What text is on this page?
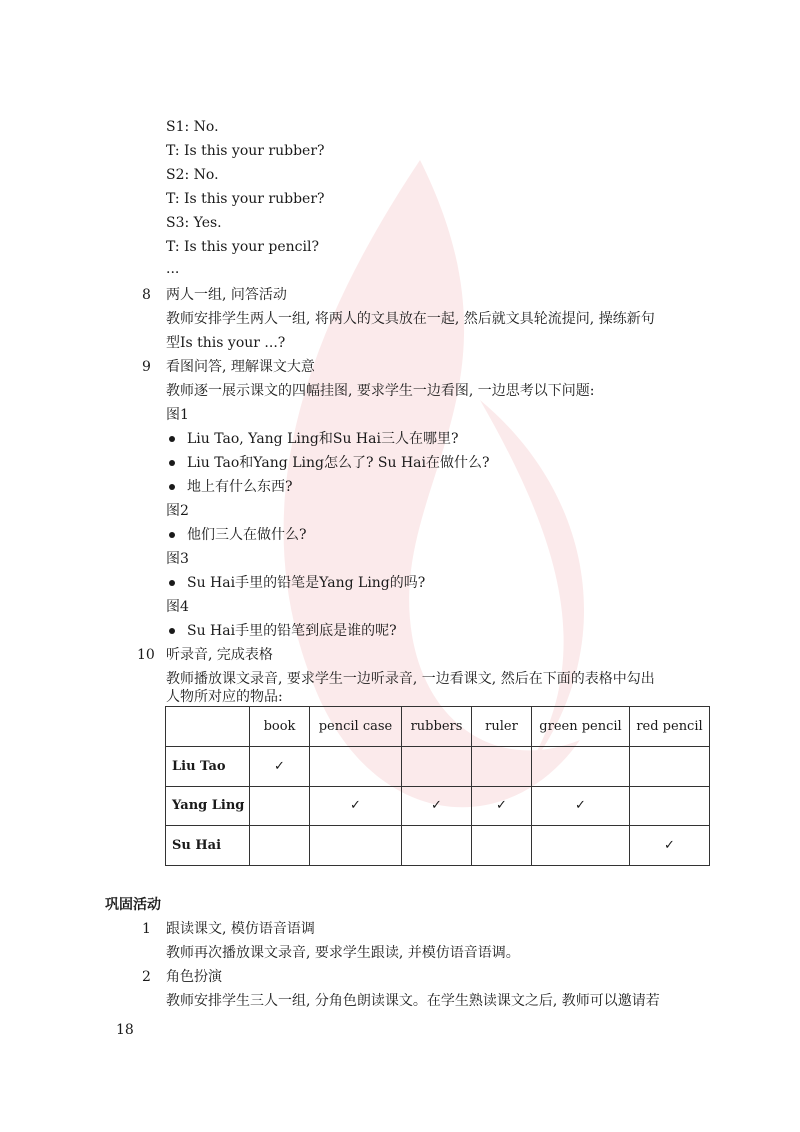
S1: No.
T: Is this your rubber?
S2: No.
T: Is this your rubber?
S3: Yes.
T: Is this your pencil?
...
8 两人一组, 问答活动
教师安排学生两人一组, 将两人的文具放在一起, 然后就文具轮流提问, 操练新句
型Is this your ...?
9 看图问答, 理解课文大意
教师逐一展示课文的四幅挂图, 要求学生一边看图, 一边思考以下问题:
图1
Liu Tao, Yang Ling和Su Hai三人在哪里?
Liu Tao和Yang Ling怎么了? Su Hai在做什么?
地上有什么东西?
图2
他们三人在做什么?
图3
Su Hai手里的铅笔是Yang Ling的吗?
图4
Su Hai手里的铅笔到底是谁的呢?
10 听录音, 完成表格
教师播放课文录音, 要求学生一边听录音, 一边看课文, 然后在下面的表格中勾出
人物所对应的物品:
	book	pencil case	rubbers	ruler	green pencil	red pencil
Liu Tao	✓					
Yang Ling		✓	✓	✓	✓	
Su Hai						✓
巩固活动
1 跟读课文, 模仿语音语调
教师再次播放课文录音, 要求学生跟读, 并模仿语音语调。
2 角色扮演
教师安排学生三人一组, 分角色朗读课文。在学生熟读课文之后, 教师可以邀请若
18
